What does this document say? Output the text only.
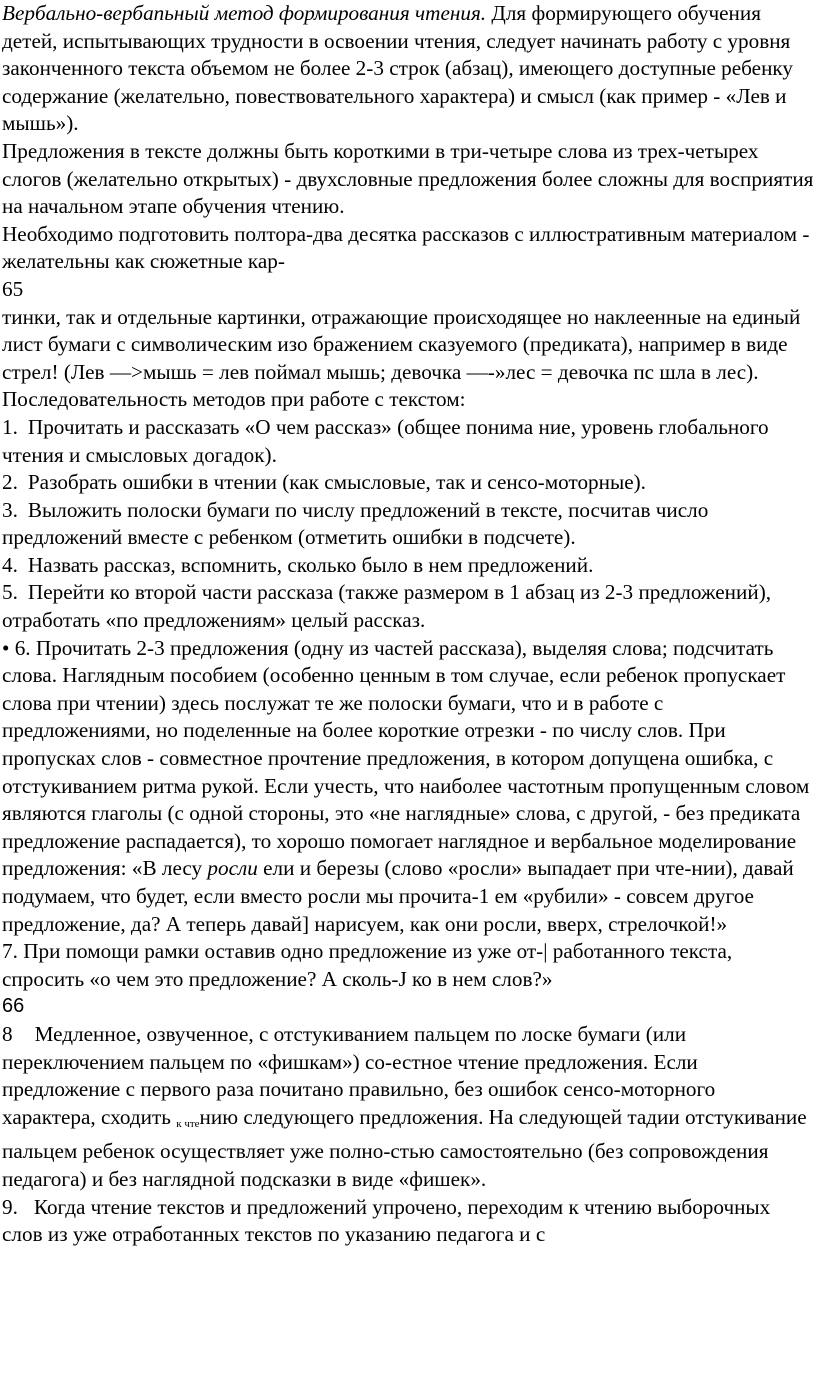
Вербально-вербапьный метод формирования чтения. Для формирующего обучения детей, испытывающих трудности в освоении чтения, следует начинать работу с уровня законченного текста объемом не более 2-3 строк (абзац), имеющего доступные ребенку содержание (желательно, повествовательного характера) и смысл (как пример - «Лев и мышь»).

Предложения в тексте должны быть короткими в три-четыре слова из трех-четырех слогов (желательно открытых) - двухсловные предложения более сложны для восприятия на начальном этапе обучения чтению.

Необходимо подготовить полтора-два десятка рассказов с иллюстративным материалом - желательны как сюжетные кар-

65

тинки, так и отдельные картинки, отражающие происходящее но наклеенные на единый лист бумаги с символическим изо бражением сказуемого (предиката), например в виде стрел! (Лев —>мышь = лев поймал мышь; девочка —-»лес = девочка пс шла в лес).

Последовательность методов при работе с текстом:

1. Прочитать и рассказать «О чем рассказ» (общее понима ние, уровень глобального чтения и смысловых догадок).

2. Разобрать ошибки в чтении (как смысловые, так и сенсо-моторные).

3. Выложить полоски бумаги по числу предложений в тексте, посчитав число предложений вместе с ребенком (отметить ошибки в подсчете).

4. Назвать рассказ, вспомнить, сколько было в нем предложений.

5. Перейти ко второй части рассказа (также размером в 1 абзац из 2-3 предложений), отработать «по предложениям» целый рассказ.

• 6. Прочитать 2-3 предложения (одну из частей рассказа), выделяя слова; подсчитать слова. Наглядным пособием (особенно ценным в том случае, если ребенок пропускает слова при чтении) здесь послужат те же полоски бумаги, что и в работе с предложениями, но поделенные на более короткие отрезки - по числу слов. При пропусках слов - совместное прочтение предложения, в котором допущена ошибка, с отстукиванием ритма рукой. Если учесть, что наиболее частотным пропущенным словом являются глаголы (с одной стороны, это «не наглядные» слова, с другой, - без предиката предложение распадается), то хорошо помогает наглядное и вербальное моделирование предложения: «В лесу росли ели и березы (слово «росли» выпадает при чте-нии), давай подумаем, что будет, если вместо росли мы прочита-1 ем «рубили» - совсем другое предложение, да? А теперь давай] нарисуем, как они росли, вверх, стрелочкой!»

7. При помощи рамки оставив одно предложение из уже от-| работанного текста, спросить «о чем это предложение? А сколь-J ко в нем слов?»

66

8 Медленное, озвученное, с отстукиванием пальцем по лоске бумаги (или переключением пальцем по «фишкам») со-естное чтение предложения. Если предложение с первого раза почитано правильно, без ошибок сенсо-моторного характера, сходить $_{к чте}$нию следующего предложения. На следующей тадии отстукивание пальцем ребенок осуществляет уже полно-стью самостоятельно (без сопровождения педагога) и без наглядной подсказки в виде «фишек».

9. Когда чтение текстов и предложений упрочено, переходим к чтению выборочных слов из уже отработанных текстов по указанию педагога и с
